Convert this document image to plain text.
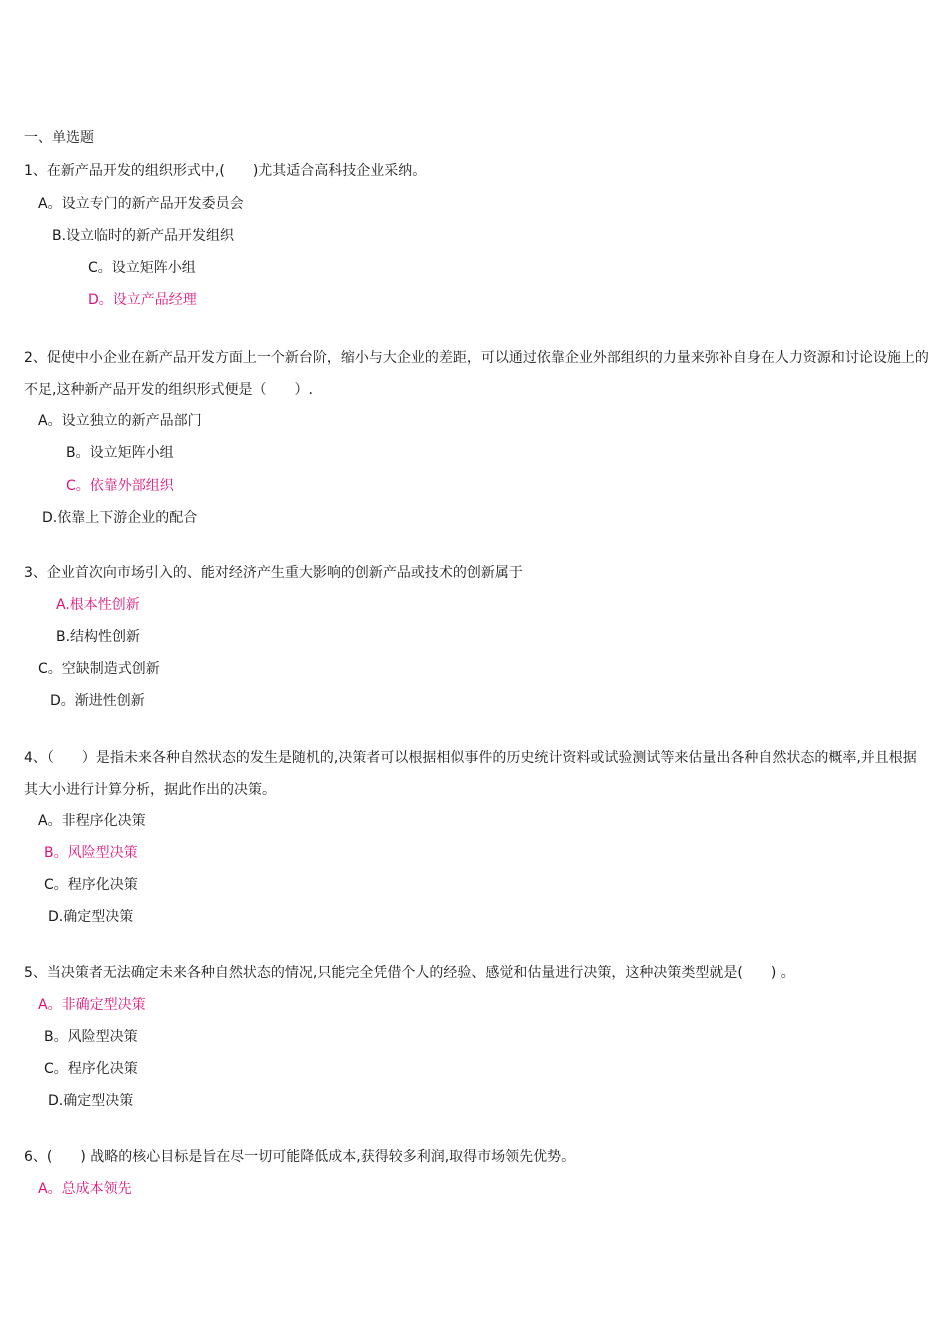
一、单选题
1、在新产品开发的组织形式中,(　　)尤其适合高科技企业采纳。
A。设立专门的新产品开发委员会
B.设立临时的新产品开发组织
C。设立矩阵小组
D。设立产品经理
2、促使中小企业在新产品开发方面上一个新台阶，缩小与大企业的差距，可以通过依靠企业外部组织的力量来弥补自身在人力资源和讨论设施上的不足,这种新产品开发的组织形式便是（　　）.
A。设立独立的新产品部门
B。设立矩阵小组
C。依靠外部组织
D.依靠上下游企业的配合
3、企业首次向市场引入的、能对经济产生重大影响的创新产品或技术的创新属于
A.根本性创新
B.结构性创新
C。空缺制造式创新
D。渐进性创新
4、（　　）是指未来各种自然状态的发生是随机的,决策者可以根据相似事件的历史统计资料或试验测试等来估量出各种自然状态的概率,并且根据其大小进行计算分析，据此作出的决策。
A。非程序化决策
B。风险型决策
C。程序化决策
D.确定型决策
5、当决策者无法确定未来各种自然状态的情况,只能完全凭借个人的经验、感觉和估量进行决策，这种决策类型就是(　　) 。
A。非确定型决策
B。风险型决策
C。程序化决策
D.确定型决策
6、(　　) 战略的核心目标是旨在尽一切可能降低成本,获得较多利润,取得市场领先优势。
A。总成本领先
